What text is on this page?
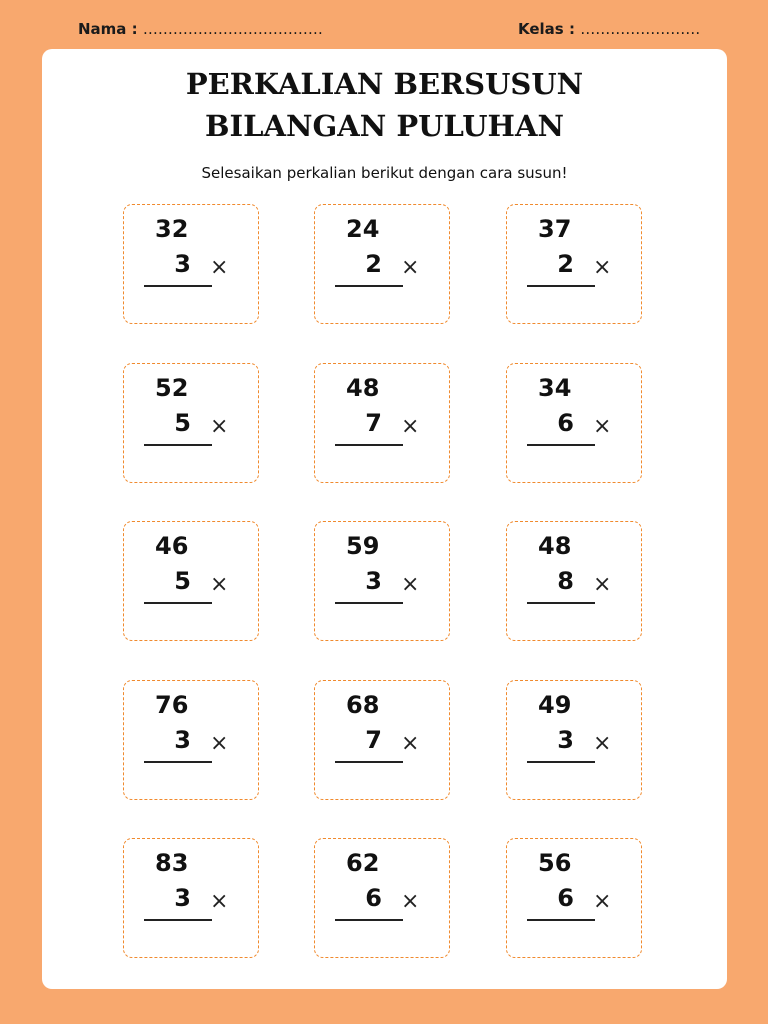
Nama : ………………………………	Kelas : ……………………
PERKALIAN BERSUSUN
BILANGAN PULUHAN
Selesaikan perkalian berikut dengan cara susun!
32
3 ×
24
2 ×
37
2 ×
52
5 ×
48
7 ×
34
6 ×
46
5 ×
59
3 ×
48
8 ×
76
3 ×
68
7 ×
49
3 ×
83
3 ×
62
6 ×
56
6 ×
